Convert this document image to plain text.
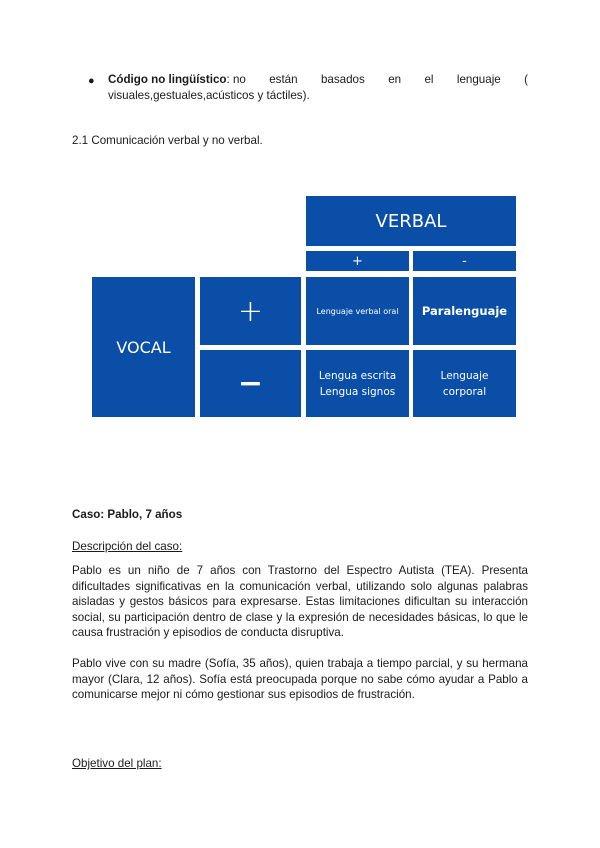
● Código no lingüístico: no están basados en el lenguaje (
visuales,gestuales,acústicos y táctiles).
2.1 Comunicación verbal y no verbal.
VERBAL
+	-
VOCAL
+
−
Lenguaje verbal oral	Paralenguaje
Lengua escrita
Lengua signos
Lenguaje
corporal
Caso: Pablo, 7 años
Descripción del caso:
Pablo es un niño de 7 años con Trastorno del Espectro Autista (TEA). Presenta dificultades significativas en la comunicación verbal, utilizando solo algunas palabras aisladas y gestos básicos para expresarse. Estas limitaciones dificultan su interacción social, su participación dentro de clase y la expresión de necesidades básicas, lo que le causa frustración y episodios de conducta disruptiva.
Pablo vive con su madre (Sofía, 35 años), quien trabaja a tiempo parcial, y su hermana mayor (Clara, 12 años). Sofía está preocupada porque no sabe cómo ayudar a Pablo a comunicarse mejor ni cómo gestionar sus episodios de frustración.
Objetivo del plan:
